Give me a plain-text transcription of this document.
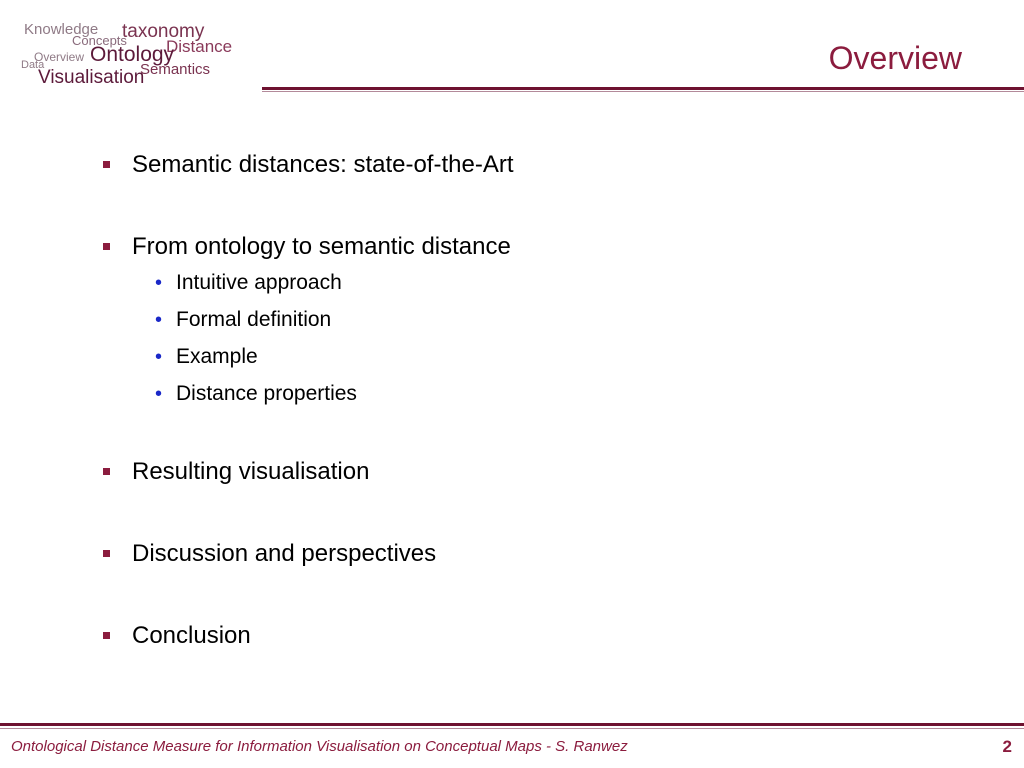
Knowledge taxonomy
Concepts Distance
Overview Ontology
Data	Semantics
Visualisation
Overview
Semantic distances: state-of-the-Art
From ontology to semantic distance
• Intuitive approach
• Formal definition
• Example
• Distance properties
Resulting visualisation
Discussion and perspectives
Conclusion
Ontological Distance Measure for Information Visualisation on Conceptual Maps - S. Ranwez	2
